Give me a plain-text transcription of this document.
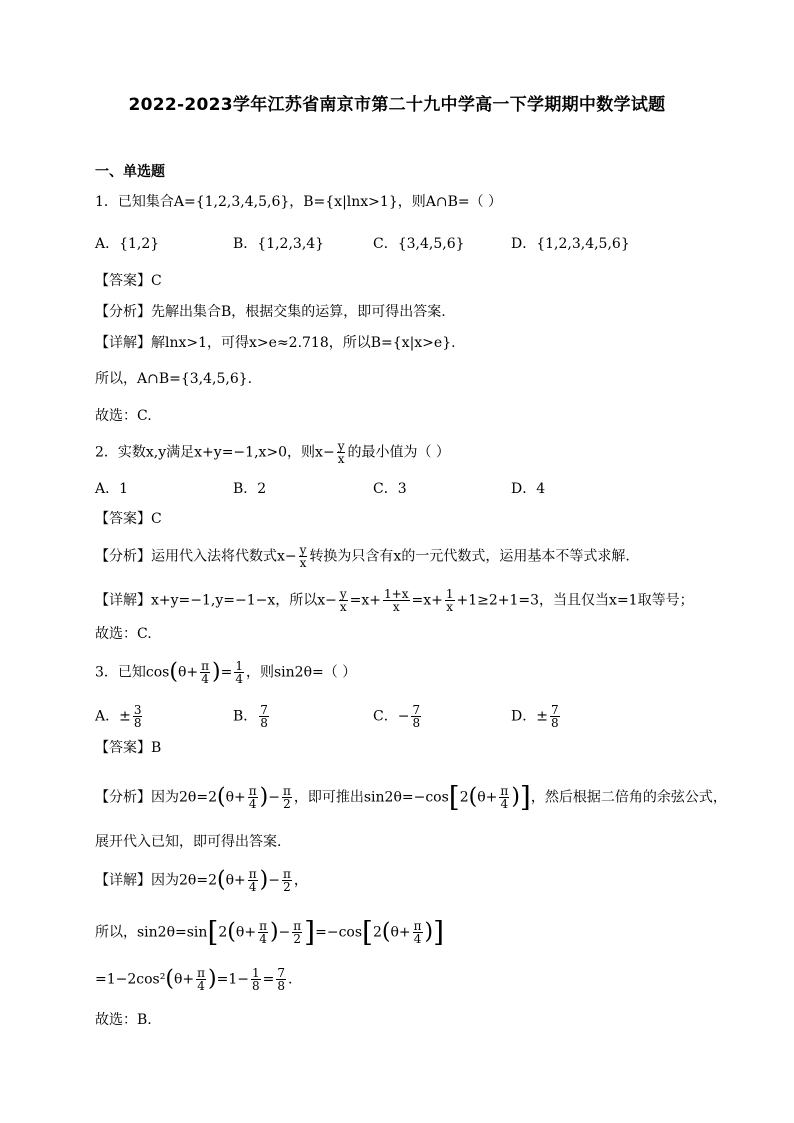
2022-2023学年江苏省南京市第二十九中学高一下学期期中数学试题
一、单选题
1．已知集合A={1,2,3,4,5,6}，B={x|lnx>1}，则A∩B=（ ）
A．{1,2}	B．{1,2,3,4}	C．{3,4,5,6}	D．{1,2,3,4,5,6}
【答案】C
【分析】先解出集合B，根据交集的运算，即可得出答案.
【详解】解lnx>1，可得x>e≈2.718，所以B={x|x>e}.
所以，A∩B={3,4,5,6}.
故选：C.
2．实数x,y满足x+y=−1,x>0，则$x- \frac{y}{x}$ 的最小值为（ ）
A．1	B．2	C．3	D．4
【答案】C
【分析】运用代入法将代数式$x- \frac{y}{x}$ 转换为只含有x的一元代数式，运用基本不等式求解.
【详解】x+y=−1,y=−1−x，所以$x- \frac{y}{x} =x+ \frac{1+x}{x} =x+ \frac{1}{x} +1\ge 2+1=3$，当且仅当x=1取等号；
故选：C.
3．已知$\cos(\theta+ \frac{\pi}{4}$ )= $\frac{1}{4}$ ，则sin2θ=（ ）
A．± $\frac{3}{8}$	B． $\frac{7}{8}$	C．− $\frac{7}{8}$	D．± $\frac{7}{8}$
【答案】B
【分析】因为$2\theta=2(\theta+ \frac{\pi}{4}$ )− $\frac{\pi}{2}$ ，即可推出$\sin 2\theta=-\cos[2(\theta+ \frac{\pi}{4}$ )]，然后根据二倍角的余弦公式，
展开代入已知，即可得出答案.
【详解】因为$2\theta=2(\theta+ \frac{\pi}{4}$ )− $\frac{\pi}{2}$ ，
所以，$\sin 2\theta=\sin[2(\theta+ \frac{\pi}{4}$ )− $\frac{\pi}{2} ]=-\cos[2(\theta+ \frac{\pi}{4}$ )]
$=1-2\cos^2(\theta+ \frac{\pi}{4} )=1- \frac{1}{8} = \frac{7}{8}$ .
故选：B.
